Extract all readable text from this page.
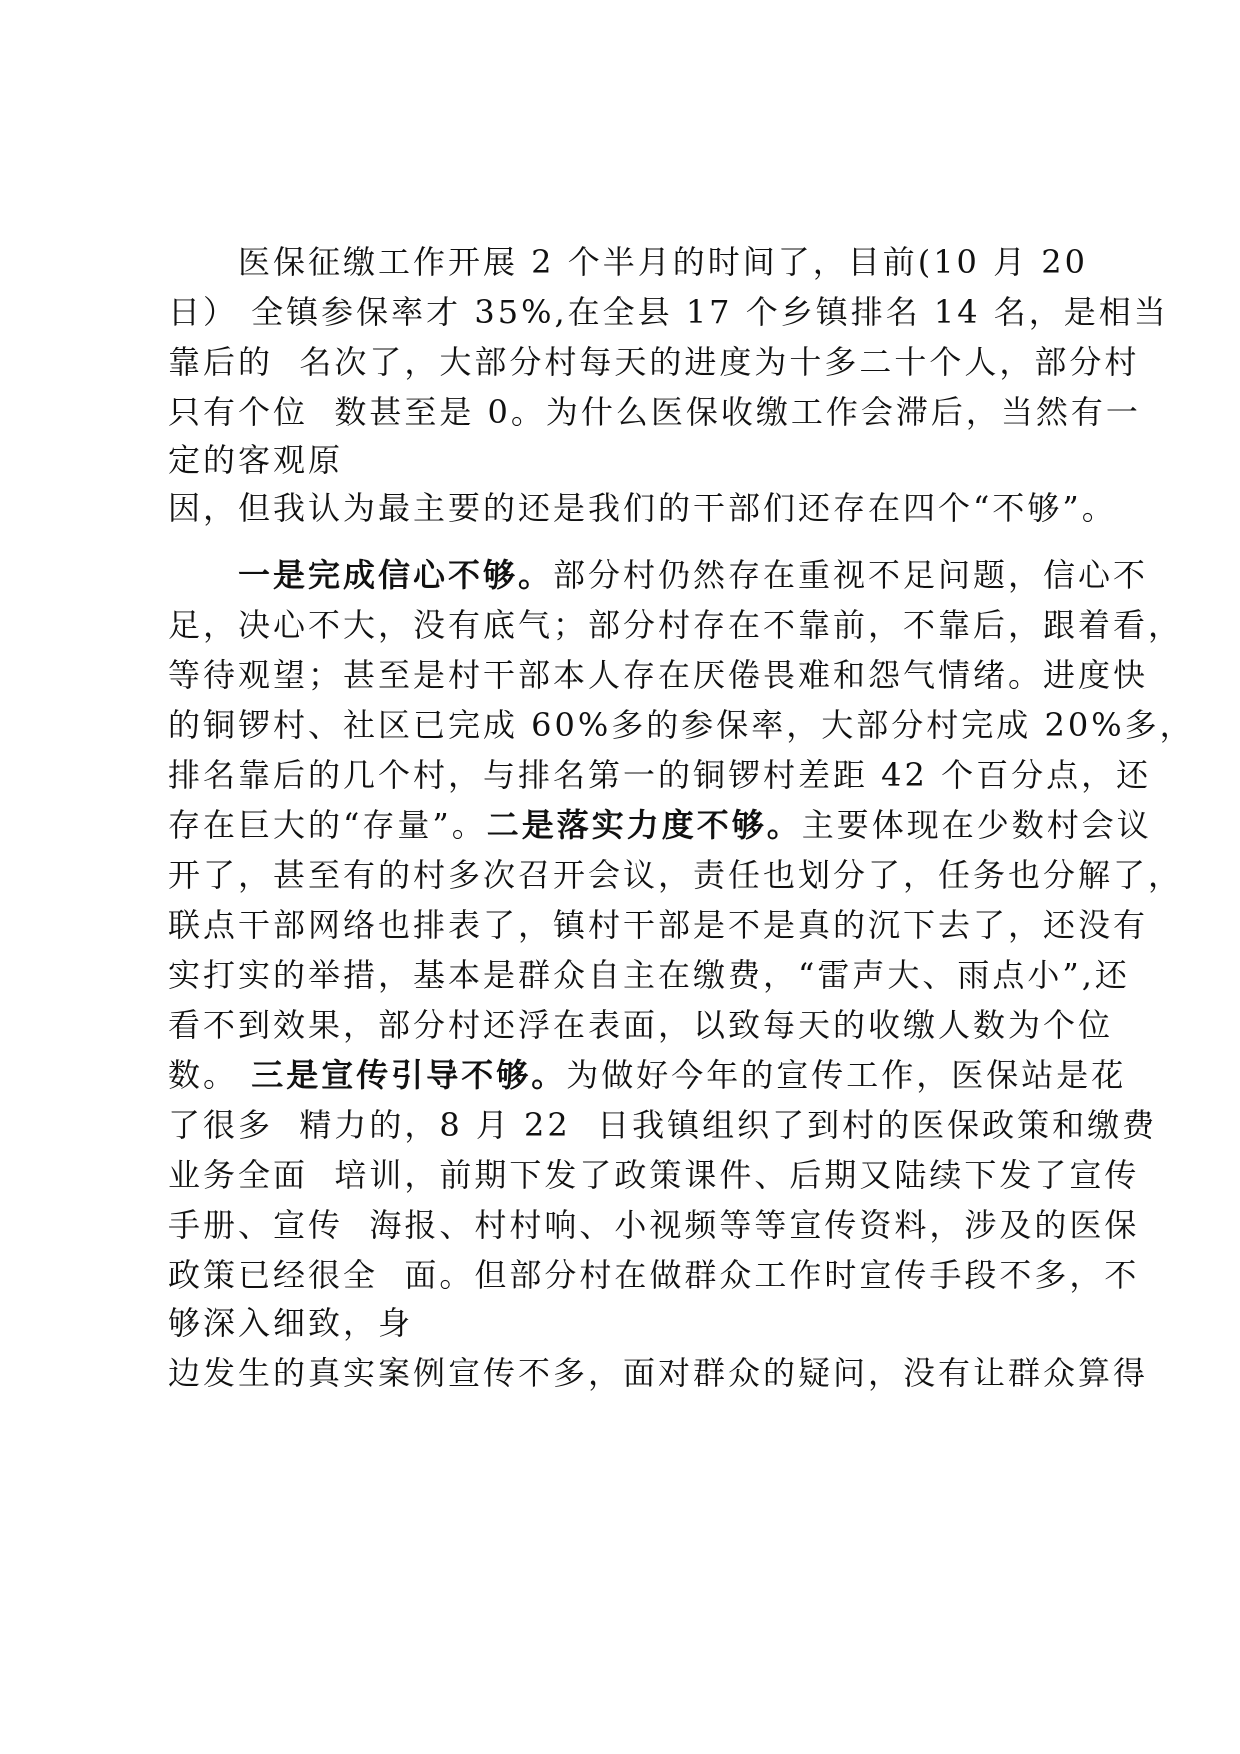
医保征缴工作开展 2 个半月的时间了，目前(10 月 20
日） 全镇参保率才 35%,在全县 17 个乡镇排名 14 名，是相当
靠后的  名次了，大部分村每天的进度为十多二十个人，部分村
只有个位  数甚至是 0。为什么医保收缴工作会滞后，当然有一
定的客观原
因，但我认为最主要的还是我们的干部们还存在四个“不够”。
一是完成信心不够。部分村仍然存在重视不足问题，信心不
足，决心不大，没有底气；部分村存在不靠前，不靠后，跟着看，
等待观望；甚至是村干部本人存在厌倦畏难和怨气情绪。进度快
的铜锣村、社区已完成 60%多的参保率，大部分村完成 20%多，
排名靠后的几个村，与排名第一的铜锣村差距 42 个百分点，还
存在巨大的“存量”。二是落实力度不够。主要体现在少数村会议
开了，甚至有的村多次召开会议，责任也划分了，任务也分解了，
联点干部网络也排表了，镇村干部是不是真的沉下去了，还没有
实打实的举措，基本是群众自主在缴费，“雷声大、雨点小”,还
看不到效果，部分村还浮在表面，以致每天的收缴人数为个位
数。 三是宣传引导不够。为做好今年的宣传工作，医保站是花
了很多  精力的，8 月 22  日我镇组织了到村的医保政策和缴费
业务全面  培训，前期下发了政策课件、后期又陆续下发了宣传
手册、宣传  海报、村村响、小视频等等宣传资料，涉及的医保
政策已经很全  面。但部分村在做群众工作时宣传手段不多，不
够深入细致，身
边发生的真实案例宣传不多，面对群众的疑问，没有让群众算得
